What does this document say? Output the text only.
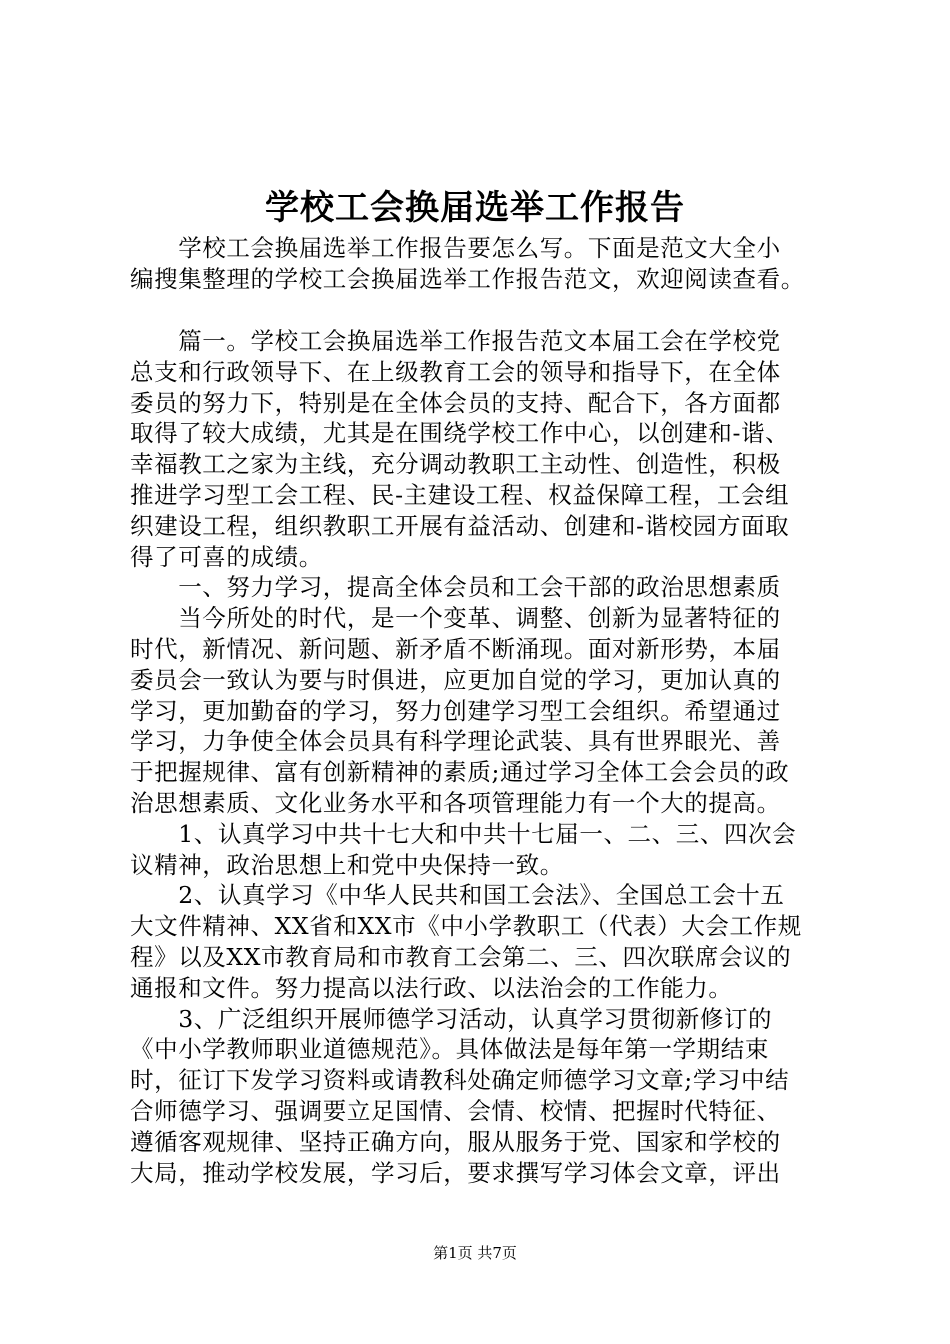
学校工会换届选举工作报告
　　学校工会换届选举工作报告要怎么写。下面是范文大全小
编搜集整理的学校工会换届选举工作报告范文，欢迎阅读查看。
　　篇一。学校工会换届选举工作报告范文本届工会在学校党
总支和行政领导下、在上级教育工会的领导和指导下，在全体
委员的努力下，特别是在全体会员的支持、配合下，各方面都
取得了较大成绩，尤其是在围绕学校工作中心，以创建和-谐、
幸福教工之家为主线，充分调动教职工主动性、创造性，积极
推进学习型工会工程、民-主建设工程、权益保障工程，工会组
织建设工程，组织教职工开展有益活动、创建和-谐校园方面取
得了可喜的成绩。
　　一、努力学习，提高全体会员和工会干部的政治思想素质
　　当今所处的时代，是一个变革、调整、创新为显著特征的
时代，新情况、新问题、新矛盾不断涌现。面对新形势，本届
委员会一致认为要与时俱进，应更加自觉的学习，更加认真的
学习，更加勤奋的学习，努力创建学习型工会组织。希望通过
学习，力争使全体会员具有科学理论武装、具有世界眼光、善
于把握规律、富有创新精神的素质;通过学习全体工会会员的政
治思想素质、文化业务水平和各项管理能力有一个大的提高。
　　1、认真学习中共十七大和中共十七届一、二、三、四次会
议精神，政治思想上和党中央保持一致。
　　2、认真学习《中华人民共和国工会法》、全国总工会十五
大文件精神、XX省和XX市《中小学教职工（代表）大会工作规
程》以及XX市教育局和市教育工会第二、三、四次联席会议的
通报和文件。努力提高以法行政、以法治会的工作能力。
　　3、广泛组织开展师德学习活动，认真学习贯彻新修订的
《中小学教师职业道德规范》。具体做法是每年第一学期结束
时，征订下发学习资料或请教科处确定师德学习文章;学习中结
合师德学习、强调要立足国情、会情、校情、把握时代特征、
遵循客观规律、坚持正确方向，服从服务于党、国家和学校的
大局，推动学校发展，学习后，要求撰写学习体会文章，评出
第1页 共7页
